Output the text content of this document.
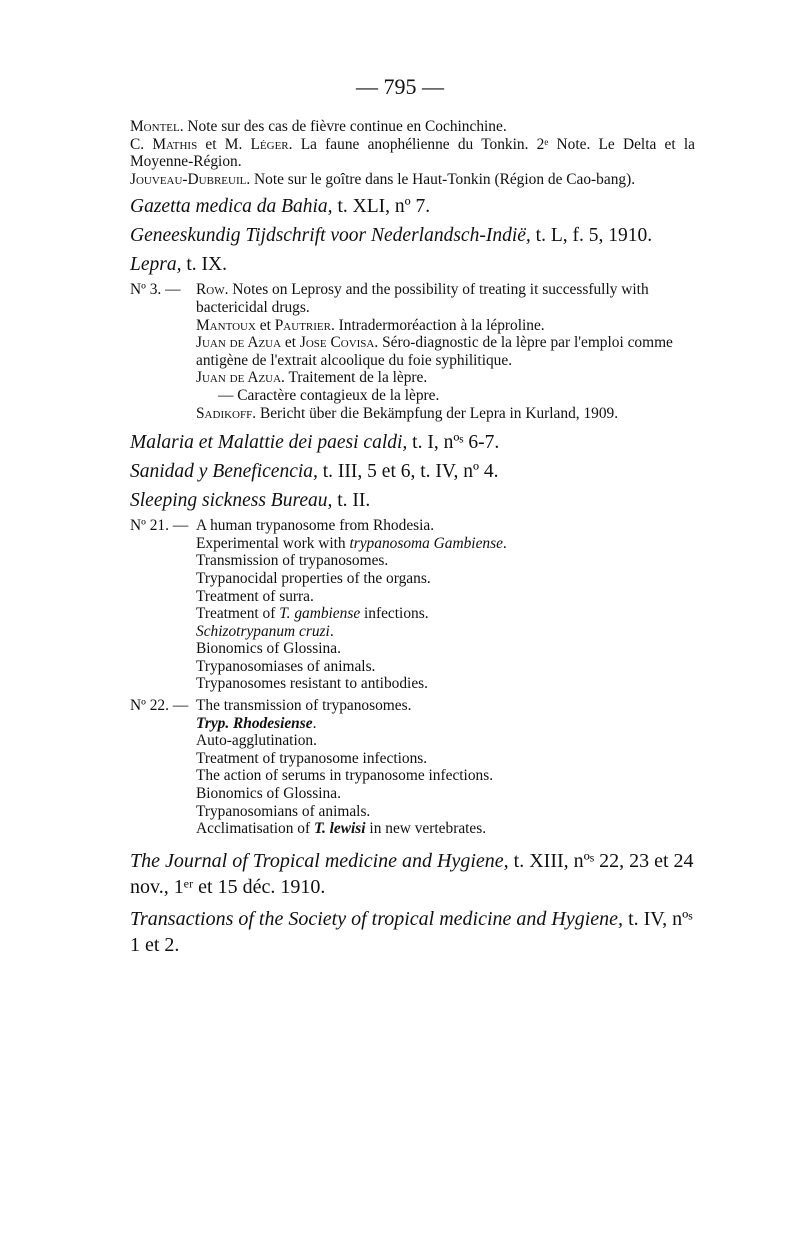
— 795 —

Montel. Note sur des cas de fièvre continue en Cochinchine.

C. Mathis et M. Léger. La faune anophélienne du Tonkin. 2ᵉ Note. Le Delta et la Moyenne-Région.

Jouveau-Dubreuil. Note sur le goître dans le Haut-Tonkin (Région de Cao-bang).

Gazetta medica da Bahia, t. XLI, nº 7.

Geneeskundig Tijdschrift voor Nederlandsch-Indië, t. L, f. 5, 1910.

Lepra, t. IX.

Nº 3. — Row. Notes on Leprosy and the possibility of treating it successfully with bactericidal drugs.

Mantoux et Pautrier. Intradermoréaction à la léproline.

Juan de Azua et Jose Covisa. Séro-diagnostic de la lèpre par l'emploi comme antigène de l'extrait alcoolique du foie syphilitique.

Juan de Azua. Traitement de la lèpre.

— Caractère contagieux de la lèpre.

Sadikoff. Bericht über die Bekämpfung der Lepra in Kurland, 1909.

Malaria et Malattie dei paesi caldi, t. I, nºˢ 6-7.

Sanidad y Beneficencia, t. III, 5 et 6, t. IV, nº 4.

Sleeping sickness Bureau, t. II.

Nº 21. — A human trypanosome from Rhodesia.

Experimental work with trypanosoma Gambiense.

Transmission of trypanosomes.

Trypanocidal properties of the organs.

Treatment of surra.

Treatment of T. gambiense infections.

Schizotrypanum cruzi.

Bionomics of Glossina.

Trypanosomiases of animals.

Trypanosomes resistant to antibodies.

Nº 22. — The transmission of trypanosomes.

Tryp. Rhodesiense.

Auto-agglutination.

Treatment of trypanosome infections.

The action of serums in trypanosome infections.

Bionomics of Glossina.

Trypanosomians of animals.

Acclimatisation of T. lewisi in new vertebrates.

The Journal of Tropical medicine and Hygiene, t. XIII, nºˢ 22, 23 et 24 nov., 1ᵉʳ et 15 déc. 1910.

Transactions of the Society of tropical medicine and Hygiene, t. IV, nºˢ 1 et 2.
